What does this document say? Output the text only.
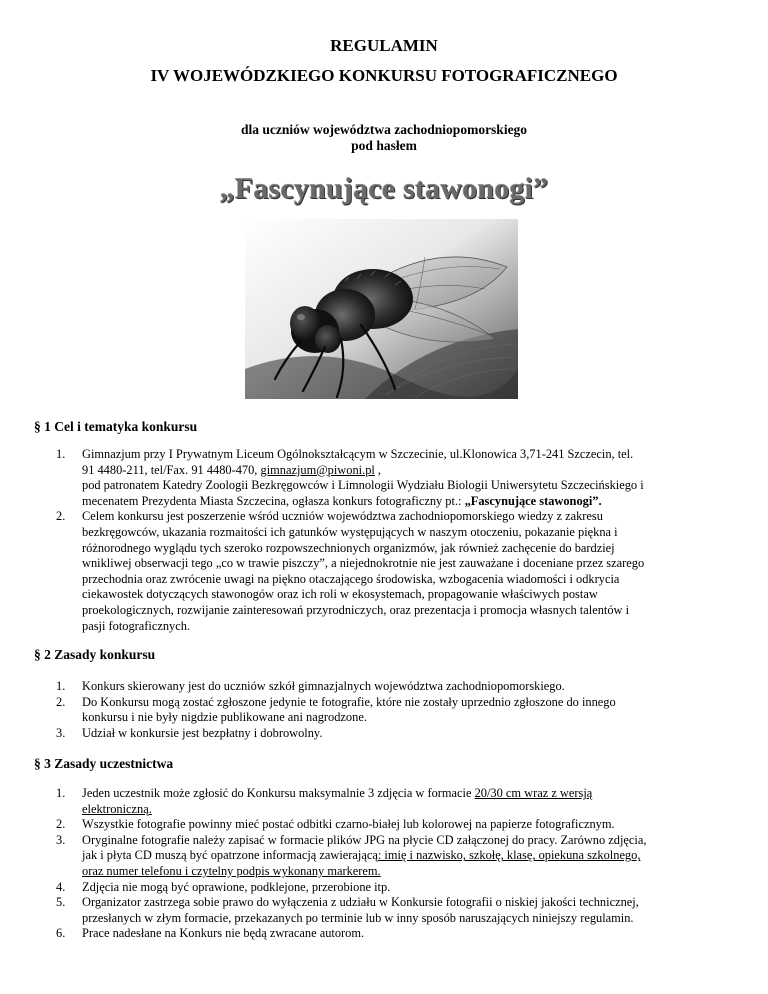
REGULAMIN
IV WOJEWÓDZKIEGO KONKURSU FOTOGRAFICZNEGO
dla uczniów województwa zachodniopomorskiego
pod hasłem
„Fascynujące stawonogi”
§ 1 Cel i tematyka konkursu
1. Gimnazjum przy I Prywatnym Liceum Ogólnokształcącym w Szczecinie, ul.Klonowica 3,71-241 Szczecin, tel.
91 4480-211, tel/Fax. 91 4480-470, gimnazjum@piwoni.pl ,
pod patronatem Katedry Zoologii Bezkręgowców i Limnologii Wydziału Biologii Uniwersytetu Szczecińskiego i
mecenatem Prezydenta Miasta Szczecina, ogłasza konkurs fotograficzny pt.: „Fascynujące stawonogi”.
2. Celem konkursu jest poszerzenie wśród uczniów województwa zachodniopomorskiego wiedzy z zakresu
bezkręgowców, ukazania rozmaitości ich gatunków występujących w naszym otoczeniu, pokazanie piękna i
różnorodnego wyglądu tych szeroko rozpowszechnionych organizmów, jak również zachęcenie do bardziej
wnikliwej obserwacji tego „co w trawie piszczy”, a niejednokrotnie nie jest zauważane i doceniane przez szarego
przechodnia oraz zwrócenie uwagi na piękno otaczającego środowiska, wzbogacenia wiadomości i odkrycia
ciekawostek dotyczących stawonogów oraz ich roli w ekosystemach, propagowanie właściwych postaw
proekologicznych, rozwijanie zainteresowań przyrodniczych, oraz prezentacja i promocja własnych talentów i
pasji fotograficznych.
§ 2 Zasady konkursu
1. Konkurs skierowany jest do uczniów szkół gimnazjalnych województwa zachodniopomorskiego.
2. Do Konkursu mogą zostać zgłoszone jedynie te fotografie, które nie zostały uprzednio zgłoszone do innego
konkursu i nie były nigdzie publikowane ani nagrodzone.
3. Udział w konkursie jest bezpłatny i dobrowolny.
§ 3 Zasady uczestnictwa
1. Jeden uczestnik może zgłosić do Konkursu maksymalnie 3 zdjęcia w formacie 20/30 cm wraz z wersją
elektroniczną.
2. Wszystkie fotografie powinny mieć postać odbitki czarno-białej lub kolorowej na papierze fotograficznym.
3. Oryginalne fotografie należy zapisać w formacie plików JPG na płycie CD załączonej do pracy. Zarówno zdjęcia,
jak i płyta CD muszą być opatrzone informacją zawierającą: imię i nazwisko, szkołę, klasę, opiekuna szkolnego,
oraz numer telefonu i czytelny podpis wykonany markerem.
4. Zdjęcia nie mogą być oprawione, podklejone, przerobione itp.
5. Organizator zastrzega sobie prawo do wyłączenia z udziału w Konkursie fotografii o niskiej jakości technicznej,
przesłanych w złym formacie, przekazanych po terminie lub w inny sposób naruszających niniejszy regulamin.
6. Prace nadesłane na Konkurs nie będą zwracane autorom.
